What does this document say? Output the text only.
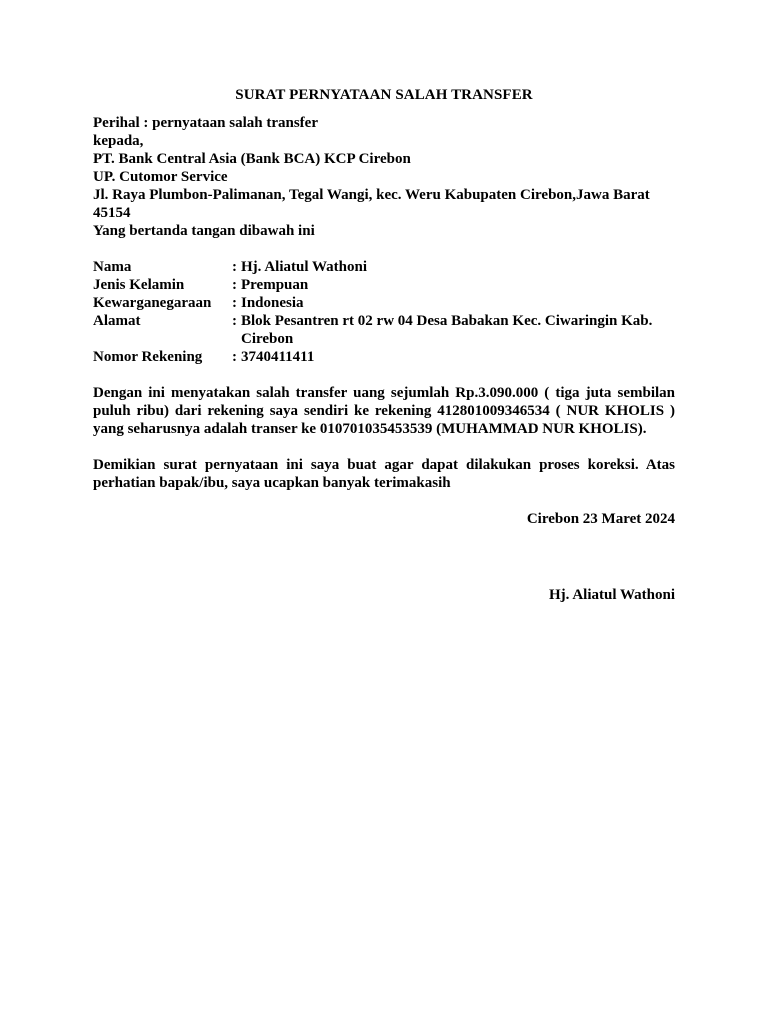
SURAT PERNYATAAN SALAH TRANSFER
Perihal : pernyataan salah transfer
kepada,
PT. Bank Central Asia (Bank BCA) KCP Cirebon
UP. Cutomor Service
Jl. Raya Plumbon-Palimanan, Tegal Wangi, kec. Weru Kabupaten Cirebon,Jawa Barat 45154
Yang bertanda tangan dibawah ini
Nama	: Hj. Aliatul Wathoni
Jenis Kelamin	: Prempuan
Kewarganegaraan	: Indonesia
Alamat	: Blok Pesantren rt 02 rw 04 Desa Babakan Kec. Ciwaringin Kab. Cirebon
Nomor Rekening	: 3740411411
Dengan ini menyatakan salah transfer uang sejumlah Rp.3.090.000 ( tiga juta sembilan puluh ribu) dari rekening saya sendiri ke rekening 412801009346534 ( NUR KHOLIS ) yang seharusnya adalah transer ke 010701035453539 (MUHAMMAD NUR KHOLIS).
Demikian surat pernyataan ini saya buat agar dapat dilakukan proses koreksi. Atas perhatian bapak/ibu, saya ucapkan banyak terimakasih
Cirebon 23 Maret 2024
Hj. Aliatul Wathoni
